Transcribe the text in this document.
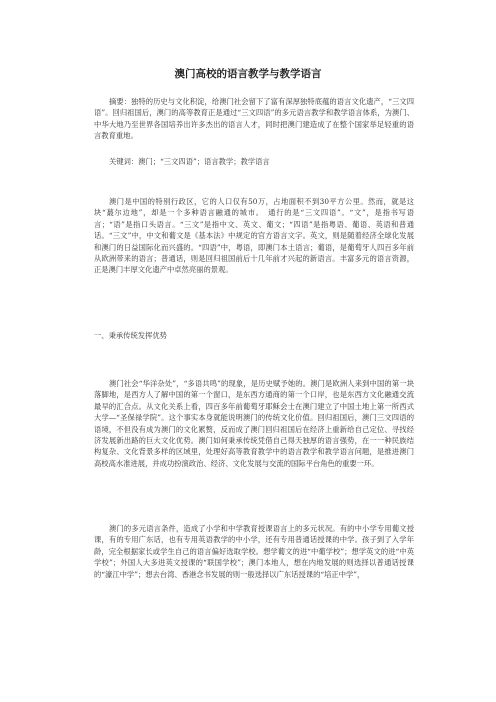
澳门高校的语言教学与教学语言

摘要：独特的历史与文化积淀，给澳门社会留下了富有深厚独特底蕴的语言文化遗产，“三文四语”。回归祖国后，澳门的高等教育正是通过“三文四语”的多元语言教学和教学语言体系，为澳门、中华大地乃至世界各国培养出许多杰出的语言人才，同时把澳门建造成了在整个国家举足轻重的语言教育重地。

关键词：澳门；“三文四语”；语言教学；教学语言

澳门是中国的特别行政区，它的人口仅有50万，占地面积不到30平方公里。然而，就是这块“蕞尔边地”，却是一个多种语言融通的城市。　通行的是“三文四语”。“文”，是指书写语言；“语”是指口头语言。“三文”是指中文、英文、葡文；“四语”是指粤语、葡语、英语和普通话。“三文”中，中文和葡文是《基本法》中规定的官方语言文字。英文，则是随着经济全球化发展和澳门的日益国际化而兴盛的。“四语”中，粤语，即澳门本土语言；葡语，是葡萄牙人四百多年前从欧洲带来的语言；普通话，则是回归祖国前后十几年前才兴起的新语言。丰富多元的语言资源，正是澳门丰厚文化遗产中卓然亮丽的景观。

一、秉承传统发挥优势

澳门社会“华洋杂处”，“多语共鸣”的现象，是历史赋予她的。澳门是欧洲人来到中国的第一块落脚地，是西方人了解中国的第一个窗口，是东西方通商的第一个口岸，也是东西方文化融通交流最早的汇合点。从文化关系上看，四百多年前葡萄牙耶稣会士在澳门建立了中国土地上第一所西式大学—“圣保禄学院”。这个事实本身就能说明澳门的传统文化价值。回归祖国后，澳门三文四语的语境，不但没有成为澳门的文化累赘，反而成了澳门回归祖国后在经济上重新给自己定位、寻找经济发展新出路的巨大文化优势。澳门如何秉承传统凭借自己得天独厚的语言强势，在一一种民族结构复杂、文化背景多样的区域里，处理好高等教育教学中的语言教学和教学语言问题，是推进澳门高校高水准进展，并成功扮演政治、经济、文化发展与交流的国际平台角色的重要一环。

澳门的多元语言条件，造成了小学和中学教育授课语言上的多元状况。有的中小学专用葡文授课，有的专用广东话，也有专用英语教学的中小学，还有专用普通话授课的中学。孩子到了入学年龄，完全根据家长或学生自己的语言偏好选取学校。想学葡文的进“中葡学校”；想学英文的进“中英学校”；外国人大多进英文授课的“联国学校”；澳门本地人，想在内地发展的则选择以普通话授课的“濠江中学”；想去台湾、香港念书发展的则一般选择以广东话授课的“培正中学”，
